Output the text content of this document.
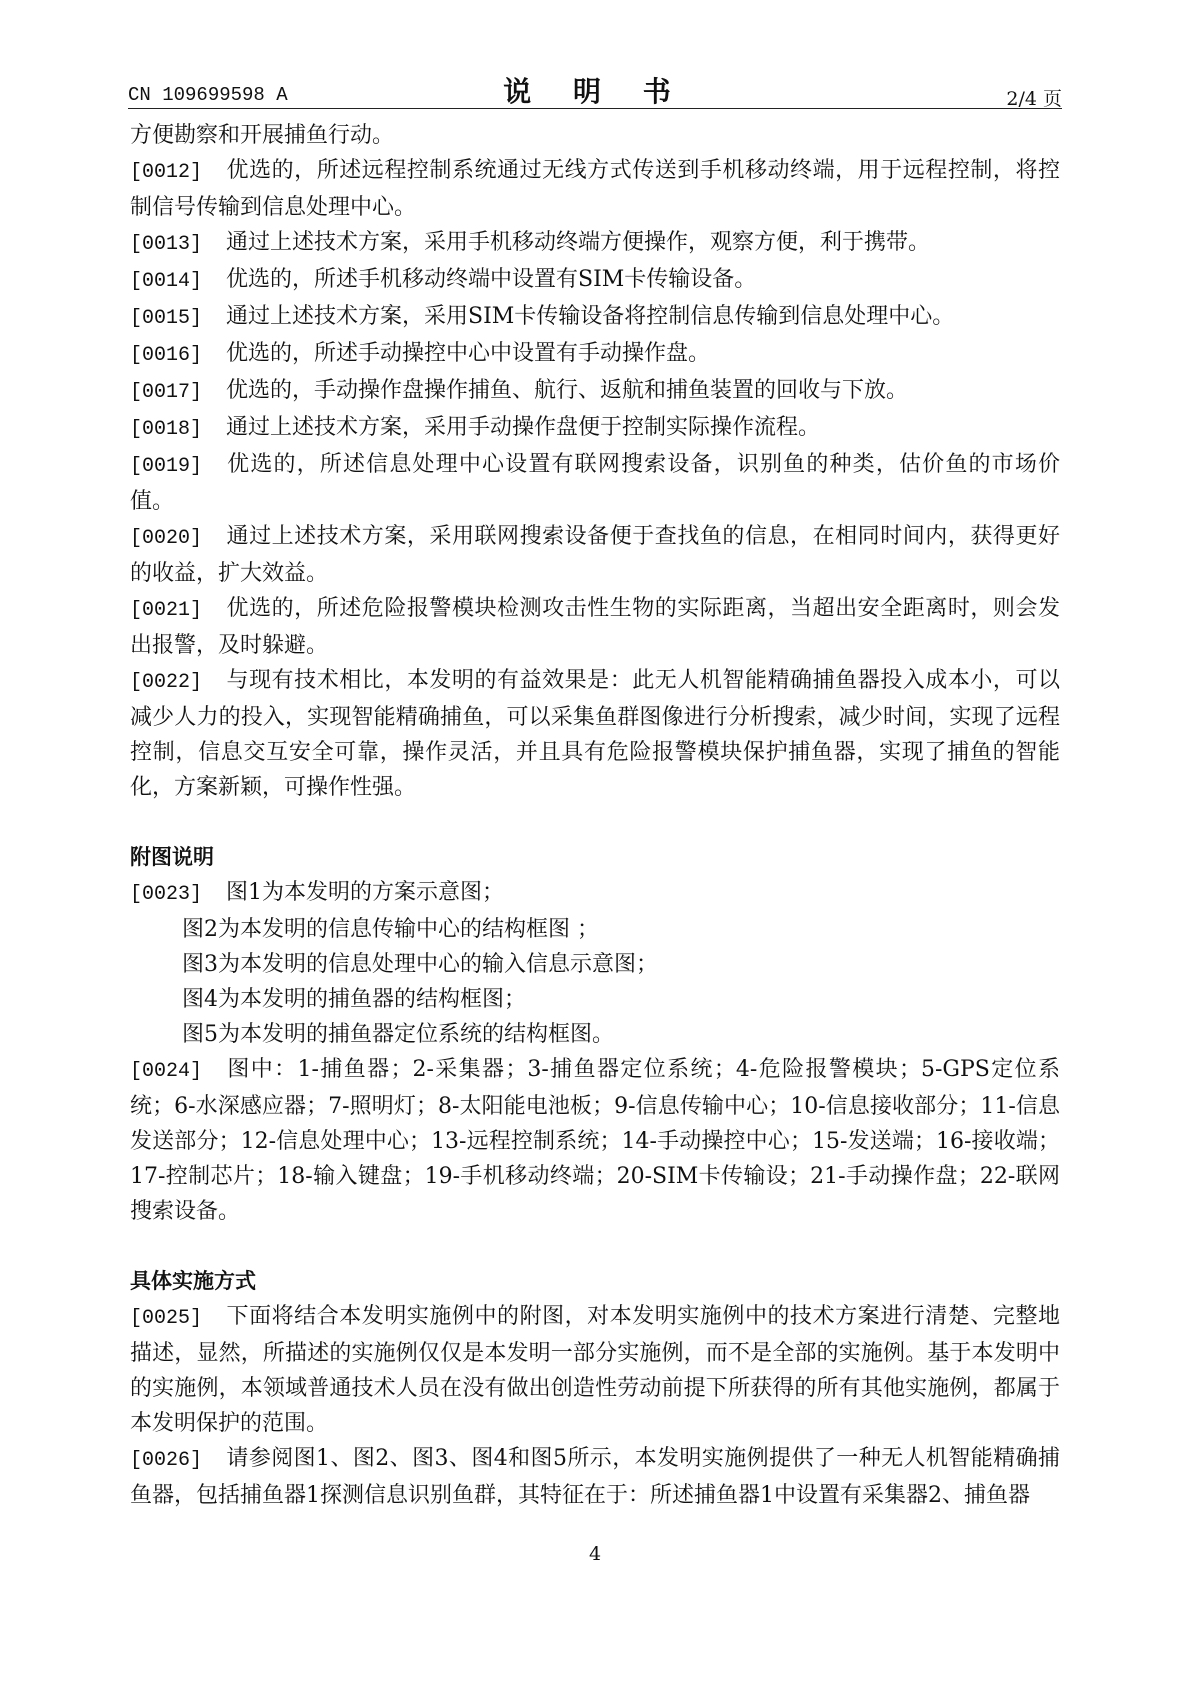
CN 109699598 A	说 明 书	2/4 页

方便勘察和开展捕鱼行动。

[0012] 优选的，所述远程控制系统通过无线方式传送到手机移动终端，用于远程控制，将控制信号传输到信息处理中心。

[0013] 通过上述技术方案，采用手机移动终端方便操作，观察方便，利于携带。

[0014] 优选的，所述手机移动终端中设置有SIM卡传输设备。

[0015] 通过上述技术方案，采用SIM卡传输设备将控制信息传输到信息处理中心。

[0016] 优选的，所述手动操控中心中设置有手动操作盘。

[0017] 优选的，手动操作盘操作捕鱼、航行、返航和捕鱼装置的回收与下放。

[0018] 通过上述技术方案，采用手动操作盘便于控制实际操作流程。

[0019] 优选的，所述信息处理中心设置有联网搜索设备，识别鱼的种类，估价鱼的市场价值。

[0020] 通过上述技术方案，采用联网搜索设备便于查找鱼的信息，在相同时间内，获得更好的收益，扩大效益。

[0021] 优选的，所述危险报警模块检测攻击性生物的实际距离，当超出安全距离时，则会发出报警，及时躲避。

[0022] 与现有技术相比，本发明的有益效果是：此无人机智能精确捕鱼器投入成本小，可以减少人力的投入，实现智能精确捕鱼，可以采集鱼群图像进行分析搜索，减少时间，实现了远程控制，信息交互安全可靠，操作灵活，并且具有危险报警模块保护捕鱼器，实现了捕鱼的智能化，方案新颖，可操作性强。

附图说明

[0023] 图1为本发明的方案示意图；

图2为本发明的信息传输中心的结构框图 ；

图3为本发明的信息处理中心的输入信息示意图；

图4为本发明的捕鱼器的结构框图；

图5为本发明的捕鱼器定位系统的结构框图。

[0024] 图中：1-捕鱼器；2-采集器；3-捕鱼器定位系统；4-危险报警模块；5-GPS定位系统；6-水深感应器；7-照明灯；8-太阳能电池板；9-信息传输中心；10-信息接收部分；11-信息发送部分；12-信息处理中心；13-远程控制系统；14-手动操控中心；15-发送端；16-接收端；17-控制芯片；18-输入键盘；19-手机移动终端；20-SIM卡传输设；21-手动操作盘；22-联网搜索设备。

具体实施方式

[0025] 下面将结合本发明实施例中的附图，对本发明实施例中的技术方案进行清楚、完整地描述，显然，所描述的实施例仅仅是本发明一部分实施例，而不是全部的实施例。基于本发明中的实施例，本领域普通技术人员在没有做出创造性劳动前提下所获得的所有其他实施例，都属于本发明保护的范围。

[0026] 请参阅图1、图2、图3、图4和图5所示，本发明实施例提供了一种无人机智能精确捕鱼器，包括捕鱼器1探测信息识别鱼群，其特征在于：所述捕鱼器1中设置有采集器2、捕鱼器

4
